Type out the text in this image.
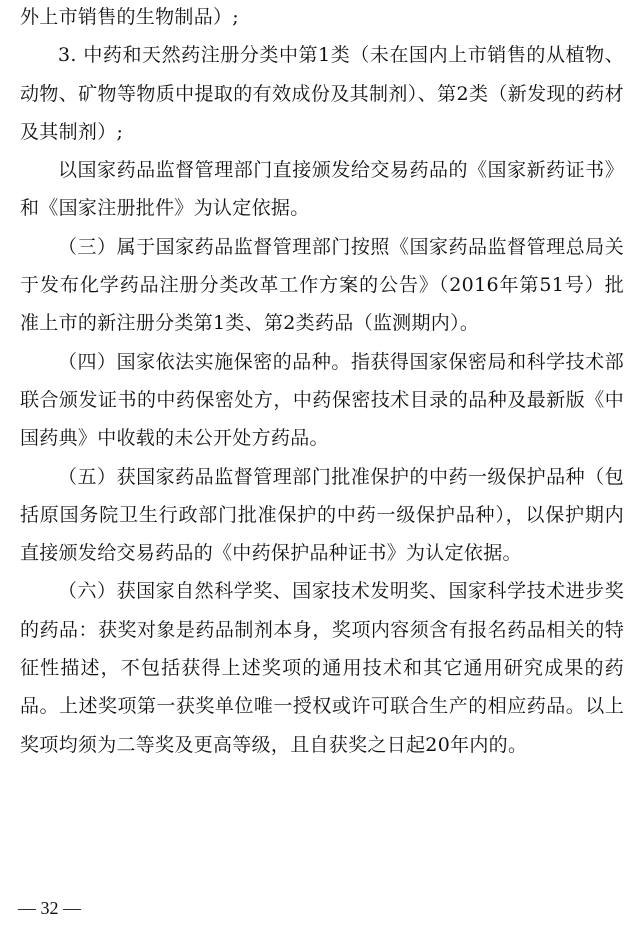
外上市销售的生物制品）;

3. 中药和天然药注册分类中第1类（未在国内上市销售的从植物、动物、矿物等物质中提取的有效成份及其制剂）、第2类（新发现的药材及其制剂）;

以国家药品监督管理部门直接颁发给交易药品的《国家新药证书》和《国家注册批件》为认定依据。

（三）属于国家药品监督管理部门按照《国家药品监督管理总局关于发布化学药品注册分类改革工作方案的公告》（2016年第51号）批准上市的新注册分类第1类、第2类药品（监测期内）。

（四）国家依法实施保密的品种。指获得国家保密局和科学技术部联合颁发证书的中药保密处方，中药保密技术目录的品种及最新版《中国药典》中收载的未公开处方药品。

（五）获国家药品监督管理部门批准保护的中药一级保护品种（包括原国务院卫生行政部门批准保护的中药一级保护品种），以保护期内直接颁发给交易药品的《中药保护品种证书》为认定依据。

（六）获国家自然科学奖、国家技术发明奖、国家科学技术进步奖的药品：获奖对象是药品制剂本身，奖项内容须含有报名药品相关的特征性描述，不包括获得上述奖项的通用技术和其它通用研究成果的药品。上述奖项第一获奖单位唯一授权或许可联合生产的相应药品。以上奖项均须为二等奖及更高等级，且自获奖之日起20年内的。

— 32 —
